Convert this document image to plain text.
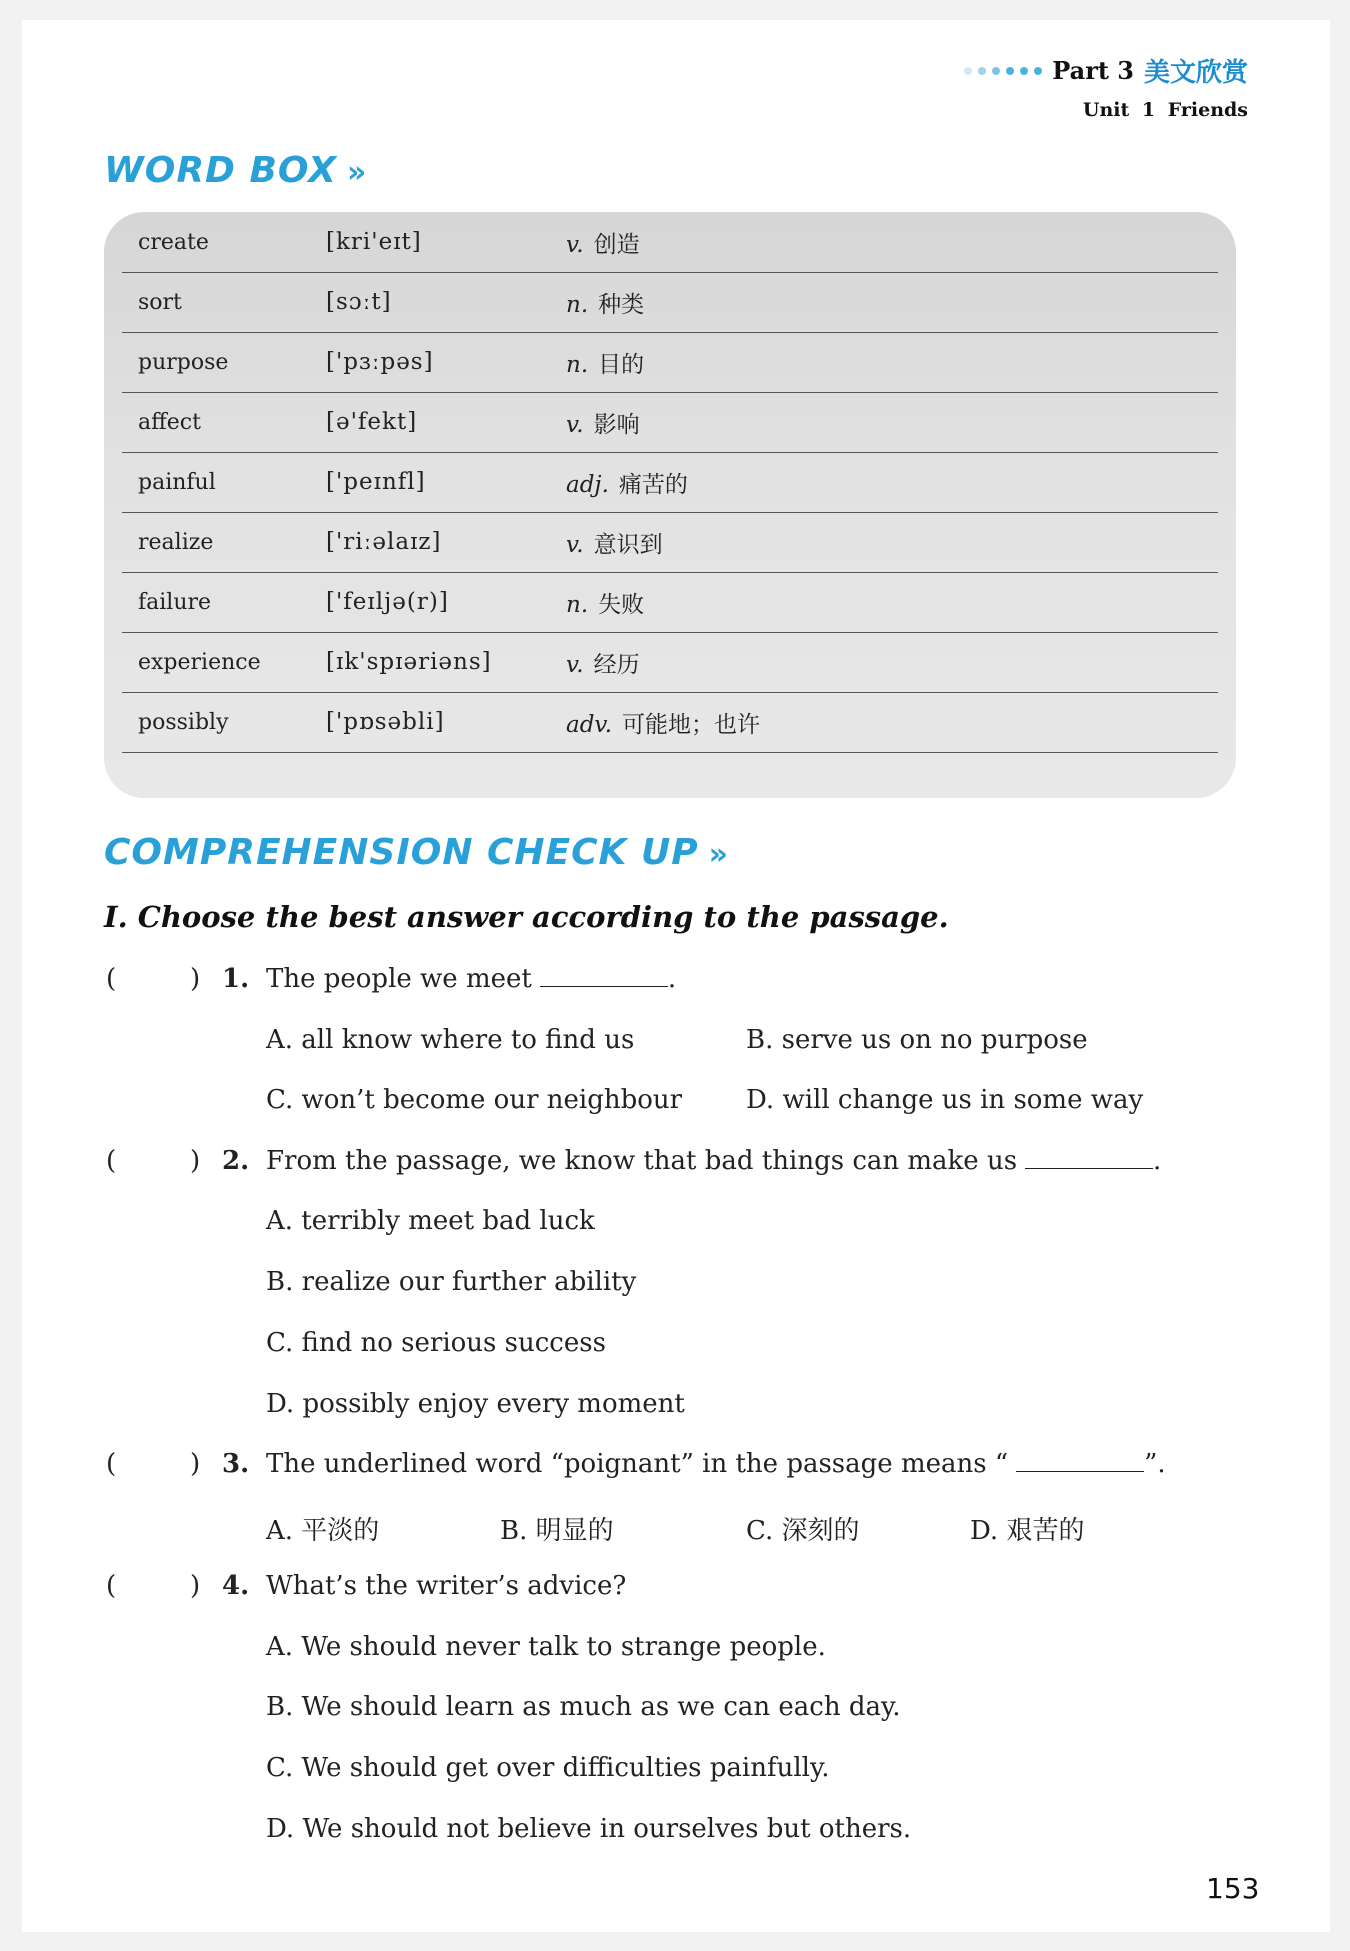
Part 3 美文欣赏
Unit 1 Friends
WORD BOX »
create	[kri'eɪt]	v. 创造
sort	[sɔːt]	n. 种类
purpose	['pɜːpəs]	n. 目的
affect	[ə'fekt]	v. 影响
painful	['peɪnfl]	adj. 痛苦的
realize	['riːəlaɪz]	v. 意识到
failure	['feɪljə(r)]	n. 失败
experience	[ɪk'spɪəriəns]	v. 经历
possibly	['pɒsəbli]	adv. 可能地；也许
COMPREHENSION CHECK UP »
I. Choose the best answer according to the passage.
(	) 1. The people we meet	.
A. all know where to find us	B. serve us on no purpose
C. won’t become our neighbour D. will change us in some way
(	) 2. From the passage, we know that bad things can make us	.
A. terribly meet bad luck
B. realize our further ability
C. find no serious success
D. possibly enjoy every moment
(	) 3. The underlined word “poignant” in the passage means “	”.
A. 平淡的	B. 明显的	C. 深刻的	D. 艰苦的
(	) 4. What’s the writer’s advice?
A. We should never talk to strange people.
B. We should learn as much as we can each day.
C. We should get over difficulties painfully.
D. We should not believe in ourselves but others.
153
